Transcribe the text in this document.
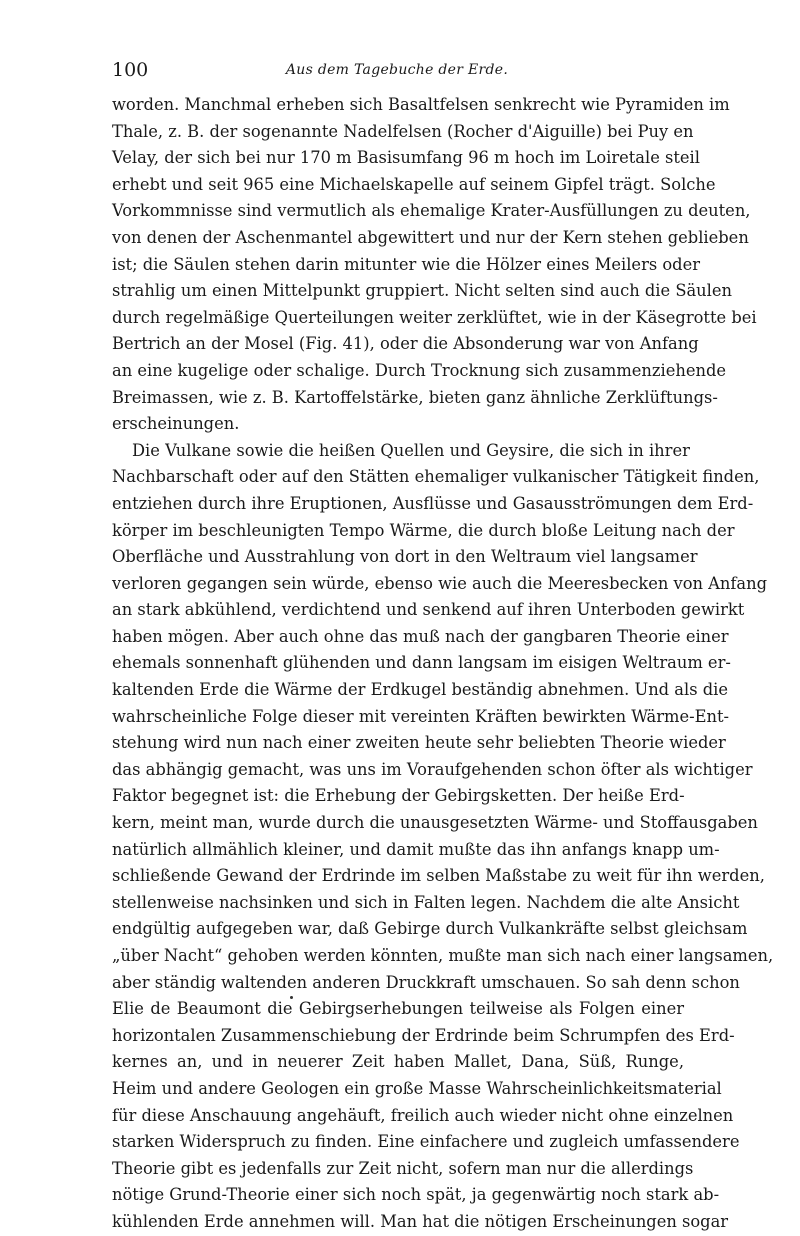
100	Aus dem Tagebuche der Erde.
worden. Manchmal erheben sich Basaltfelsen senkrecht wie Pyramiden im
Thale, z. B. der sogenannte Nadelfelsen (Rocher d'Aiguille) bei Puy en
Velay, der sich bei nur 170 m Basisumfang 96 m hoch im Loiretale steil
erhebt und seit 965 eine Michaelskapelle auf seinem Gipfel trägt. Solche
Vorkommnisse sind vermutlich als ehemalige Krater-Ausfüllungen zu deuten,
von denen der Aschenmantel abgewittert und nur der Kern stehen geblieben
ist; die Säulen stehen darin mitunter wie die Hölzer eines Meilers oder
strahlig um einen Mittelpunkt gruppiert. Nicht selten sind auch die Säulen
durch regelmäßige Querteilungen weiter zerklüftet, wie in der Käsegrotte bei
Bertrich an der Mosel (Fig. 41), oder die Absonderung war von Anfang
an eine kugelige oder schalige. Durch Trocknung sich zusammenziehende
Breimassen, wie z. B. Kartoffelstärke, bieten ganz ähnliche Zerklüftungs-
erscheinungen.
Die Vulkane sowie die heißen Quellen und Geysire, die sich in ihrer
Nachbarschaft oder auf den Stätten ehemaliger vulkanischer Tätigkeit finden,
entziehen durch ihre Eruptionen, Ausflüsse und Gasausströmungen dem Erd-
körper im beschleunigten Tempo Wärme, die durch bloße Leitung nach der
Oberfläche und Ausstrahlung von dort in den Weltraum viel langsamer
verloren gegangen sein würde, ebenso wie auch die Meeresbecken von Anfang
an stark abkühlend, verdichtend und senkend auf ihren Unterboden gewirkt
haben mögen. Aber auch ohne das muß nach der gangbaren Theorie einer
ehemals sonnenhaft glühenden und dann langsam im eisigen Weltraum er-
kaltenden Erde die Wärme der Erdkugel beständig abnehmen. Und als die
wahrscheinliche Folge dieser mit vereinten Kräften bewirkten Wärme-Ent-
stehung wird nun nach einer zweiten heute sehr beliebten Theorie wieder
das abhängig gemacht, was uns im Voraufgehenden schon öfter als wichtiger
Faktor begegnet ist: die Erhebung der Gebirgsketten. Der heiße Erd-
kern, meint man, wurde durch die unausgesetzten Wärme- und Stoffausgaben
natürlich allmählich kleiner, und damit mußte das ihn anfangs knapp um-
schließende Gewand der Erdrinde im selben Maßstabe zu weit für ihn werden,
stellenweise nachsinken und sich in Falten legen. Nachdem die alte Ansicht
endgültig aufgegeben war, daß Gebirge durch Vulkankräfte selbst gleichsam
„über Nacht“ gehoben werden könnten, mußte man sich nach einer langsamen,
aber ständig waltenden anderen Druckkraft umschauen. So sah denn schon
Elie de Beaumont die Gebirgserhebungen teilweise als Folgen einer
horizontalen Zusammenschiebung der Erdrinde beim Schrumpfen des Erd-
kernes an, und in neuerer Zeit haben Mallet, Dana, Süß, Runge,
Heim und andere Geologen ein große Masse Wahrscheinlichkeitsmaterial
für diese Anschauung angehäuft, freilich auch wieder nicht ohne einzelnen
starken Widerspruch zu finden. Eine einfachere und zugleich umfassendere
Theorie gibt es jedenfalls zur Zeit nicht, sofern man nur die allerdings
nötige Grund-Theorie einer sich noch spät, ja gegenwärtig noch stark ab-
kühlenden Erde annehmen will. Man hat die nötigen Erscheinungen sogar
